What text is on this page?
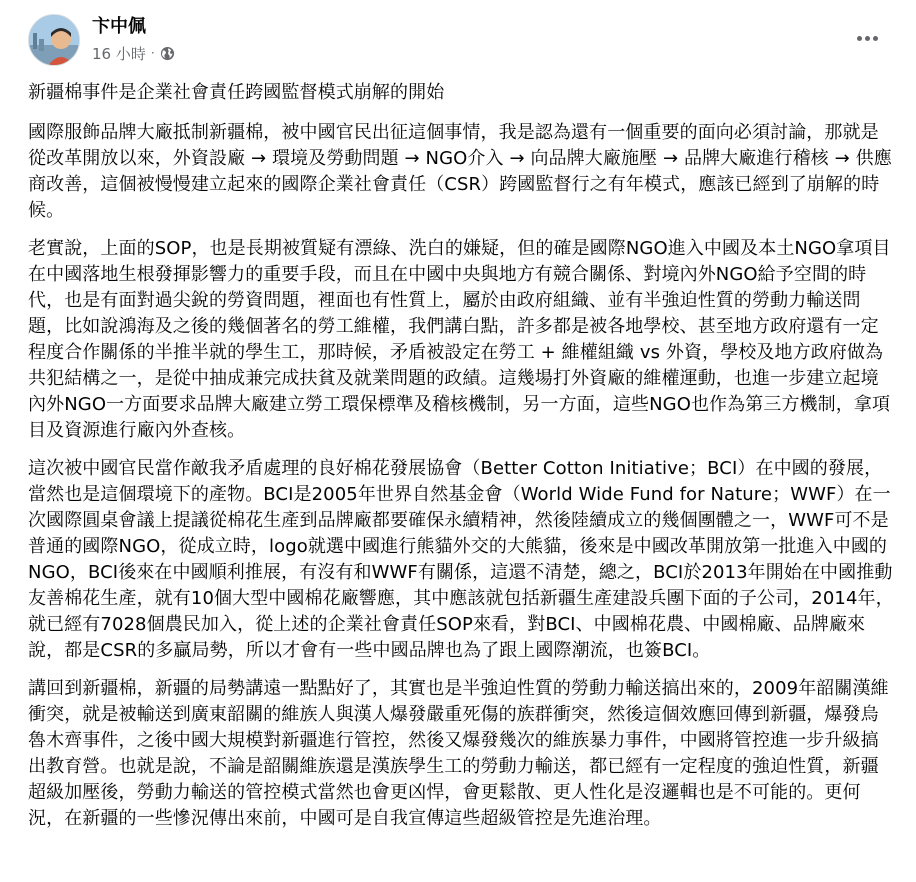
卞中佩
16 小時 ·

新疆棉事件是企業社會責任跨國監督模式崩解的開始

國際服飾品牌大廠抵制新疆棉，被中國官民出征這個事情，我是認為還有一個重要的面向必須討論，那就是從改革開放以來，外資設廠 → 環境及勞動問題 → NGO介入 → 向品牌大廠施壓 → 品牌大廠進行稽核 → 供應商改善，這個被慢慢建立起來的國際企業社會責任（CSR）跨國監督行之有年模式，應該已經到了崩解的時候。

老實說，上面的SOP，也是長期被質疑有漂綠、洗白的嫌疑，但的確是國際NGO進入中國及本土NGO拿項目在中國落地生根發揮影響力的重要手段，而且在中國中央與地方有競合關係、對境內外NGO給予空間的時代，也是有面對過尖銳的勞資問題，裡面也有性質上，屬於由政府組織、並有半強迫性質的勞動力輸送問題，比如說鴻海及之後的幾個著名的勞工維權，我們講白點，許多都是被各地學校、甚至地方政府還有一定程度合作關係的半推半就的學生工，那時候，矛盾被設定在勞工 + 維權組織 vs 外資，學校及地方政府做為共犯結構之一，是從中抽成兼完成扶貧及就業問題的政績。這幾場打外資廠的維權運動，也進一步建立起境內外NGO一方面要求品牌大廠建立勞工環保標準及稽核機制，另一方面，這些NGO也作為第三方機制，拿項目及資源進行廠內外查核。

這次被中國官民當作敵我矛盾處理的良好棉花發展協會（Better Cotton Initiative；BCI）在中國的發展，當然也是這個環境下的產物。BCI是2005年世界自然基金會（World Wide Fund for Nature；WWF）在一次國際圓桌會議上提議從棉花生產到品牌廠都要確保永續精神，然後陸續成立的幾個團體之一，WWF可不是普通的國際NGO，從成立時，logo就選中國進行熊貓外交的大熊貓，後來是中國改革開放第一批進入中國的NGO，BCI後來在中國順利推展，有沒有和WWF有關係，這還不清楚，總之，BCI於2013年開始在中國推動友善棉花生產，就有10個大型中國棉花廠響應，其中應該就包括新疆生產建設兵團下面的子公司，2014年，就已經有7028個農民加入，從上述的企業社會責任SOP來看，對BCI、中國棉花農、中國棉廠、品牌廠來說，都是CSR的多贏局勢，所以才會有一些中國品牌也為了跟上國際潮流，也簽BCI。

講回到新疆棉，新疆的局勢講遠一點點好了，其實也是半強迫性質的勞動力輸送搞出來的，2009年韶關漢維衝突，就是被輸送到廣東韶關的維族人與漢人爆發嚴重死傷的族群衝突，然後這個效應回傳到新疆，爆發烏魯木齊事件，之後中國大規模對新疆進行管控，然後又爆發幾次的維族暴力事件，中國將管控進一步升級搞出教育營。也就是說，不論是韶關維族還是漢族學生工的勞動力輸送，都已經有一定程度的強迫性質，新疆超級加壓後，勞動力輸送的管控模式當然也會更凶悍，會更鬆散、更人性化是沒邏輯也是不可能的。更何況，在新疆的一些慘況傳出來前，中國可是自我宣傳這些超級管控是先進治理。
